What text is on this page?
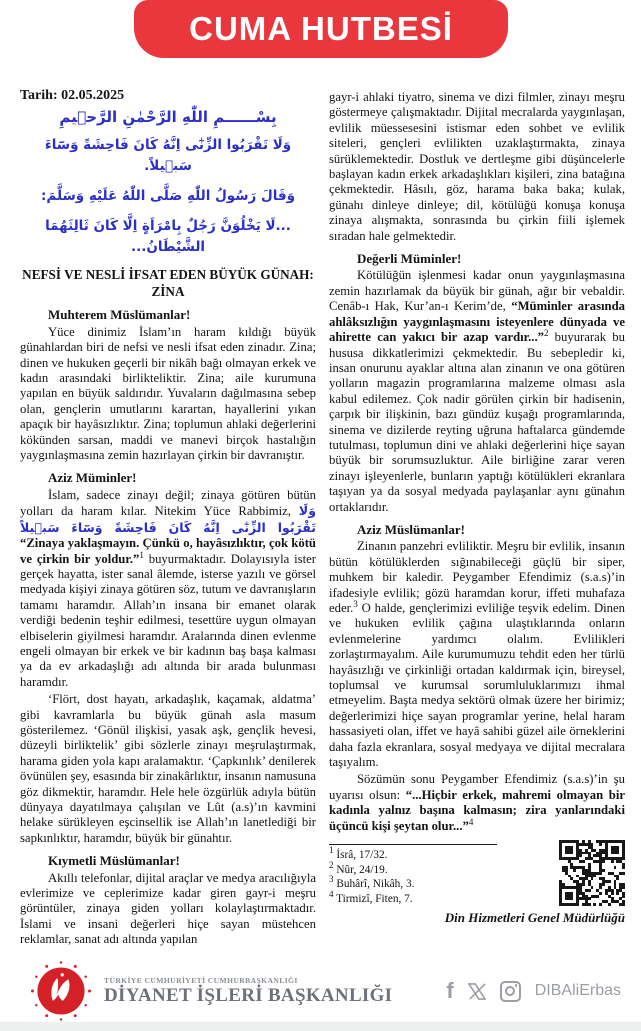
CUMA HUTBESİ
Tarih: 02.05.2025
بِسْــــــمِ اللّٰهِ الرَّحْمٰنِ الرَّح۪يمِ
وَلَا تَقْرَبُوا الزِّنٰٓى اِنَّهُ كَانَ فَاحِشَةً وَسَٓاءَ سَب۪يلاً.
وَقَالَ رَسُولُ اللّٰهِ صَلَّى اللّٰهُ عَلَيْهِ وَسَلَّمَ:
...لَا يَخْلُوَنَّ رَجُلٌ بِامْرَاَةٍ اِلَّا كَانَ ثَالِثَهُمَا الشَّيْطَانُ...
NEFSİ VE NESLİ İFSAT EDEN BÜYÜK GÜNAH:
ZİNA
Muhterem Müslümanlar!

Yüce dinimiz İslam’ın haram kıldığı büyük günahlardan biri de nefsi ve nesli ifsat eden zinadır. Zina; dinen ve hukuken geçerli bir nikâh bağı olmayan erkek ve kadın arasındaki birlikteliktir. Zina; aile kurumuna yapılan en büyük saldırıdır. Yuvaların dağılmasına sebep olan, gençlerin umutlarını karartan, hayallerini yıkan apaçık bir hayâsızlıktır. Zina; toplumun ahlaki değerlerini kökünden sarsan, maddi ve manevi birçok hastalığın yaygınlaşmasına zemin hazırlayan çirkin bir davranıştır.

Aziz Müminler!

İslam, sadece zinayı değil; zinaya götüren bütün yolları da haram kılar. Nitekim Yüce Rabbimiz, وَلَا تَقْرَبُوا الزِّنٰٓى اِنَّهُ كَانَ فَاحِشَةً وَسَٓاءَ سَب۪يلاً “Zinaya yaklaşmayın. Çünkü o, hayâsızlıktır, çok kötü ve çirkin bir yoldur.”$^1$ buyurmaktadır. Dolayısıyla ister gerçek hayatta, ister sanal âlemde, isterse yazılı ve görsel medyada kişiyi zinaya götüren söz, tutum ve davranışların tamamı haramdır. Allah’ın insana bir emanet olarak verdiği bedenin teşhir edilmesi, tesettüre uygun olmayan elbiselerin giyilmesi haramdır. Aralarında dinen evlenme engeli olmayan bir erkek ve bir kadının baş başa kalması ya da ev arkadaşlığı adı altında bir arada bulunması haramdır.

‘Flört, dost hayatı, arkadaşlık, kaçamak, aldatma’ gibi kavramlarla bu büyük günah asla masum gösterilemez. ‘Gönül ilişkisi, yasak aşk, gençlik hevesi, düzeyli birliktelik’ gibi sözlerle zinayı meşrulaştırmak, harama giden yola kapı aralamaktır. ‘Çapkınlık’ denilerek övünülen şey, esasında bir zinakârlıktır, insanın namusuna göz dikmektir, haramdır. Hele hele özgürlük adıyla bütün dünyaya dayatılmaya çalışılan ve Lût (a.s)’ın kavmini helake sürükleyen eşcinsellik ise Allah’ın lanetlediği bir sapkınlıktır, haramdır, büyük bir günahtır.

Kıymetli Müslümanlar!

Akıllı telefonlar, dijital araçlar ve medya aracılığıyla evlerimize ve ceplerimize kadar giren gayr-i meşru görüntüler, zinaya giden yolları kolaylaştırmaktadır. İslami ve insani değerleri hiçe sayan müstehcen reklamlar, sanat adı altında yapılan

gayr-i ahlaki tiyatro, sinema ve dizi filmler, zinayı meşru göstermeye çalışmaktadır. Dijital mecralarda yaygınlaşan, evlilik müessesesini istismar eden sohbet ve evlilik siteleri, gençleri evlilikten uzaklaştırmakta, zinaya sürüklemektedir. Dostluk ve dertleşme gibi düşüncelerle başlayan kadın erkek arkadaşlıkları kişileri, zina batağına çekmektedir. Hâsılı, göz, harama baka baka; kulak, günahı dinleye dinleye; dil, kötülüğü konuşa konuşa zinaya alışmakta, sonrasında bu çirkin fiili işlemek sıradan hale gelmektedir.

Değerli Müminler!

Kötülüğün işlenmesi kadar onun yaygınlaşmasına zemin hazırlamak da büyük bir günah, ağır bir vebaldir. Cenâb-ı Hak, Kur’an-ı Kerim’de, “Müminler arasında ahlâksızlığın yaygınlaşmasını isteyenlere dünyada ve ahirette can yakıcı bir azap vardır...”$^2$ buyurarak bu hususa dikkatlerimizi çekmektedir. Bu sebepledir ki, insan onurunu ayaklar altına alan zinanın ve ona götüren yolların magazin programlarına malzeme olması asla kabul edilemez. Çok nadir görülen çirkin bir hadisenin, çarpık bir ilişkinin, bazı gündüz kuşağı programlarında, sinema ve dizilerde reyting uğruna haftalarca gündemde tutulması, toplumun dini ve ahlaki değerlerini hiçe sayan büyük bir sorumsuzluktur. Aile birliğine zarar veren zinayı işleyenlerle, bunların yaptığı kötülükleri ekranlara taşıyan ya da sosyal medyada paylaşanlar aynı günahın ortaklarıdır.

Aziz Müslümanlar!

Zinanın panzehri evliliktir. Meşru bir evlilik, insanın bütün kötülüklerden sığınabileceği güçlü bir siper, muhkem bir kaledir. Peygamber Efendimiz (s.a.s)’in ifadesiyle evlilik; gözü haramdan korur, iffeti muhafaza eder.$^3$ O halde, gençlerimizi evliliğe teşvik edelim. Dinen ve hukuken evlilik çağına ulaştıklarında onların evlenmelerine yardımcı olalım. Evlilikleri zorlaştırmayalım. Aile kurumumuzu tehdit eden her türlü hayâsızlığı ve çirkinliği ortadan kaldırmak için, bireysel, toplumsal ve kurumsal sorumluluklarımızı ihmal etmeyelim. Başta medya sektörü olmak üzere her birimiz; değerlerimizi hiçe sayan programlar yerine, helal haram hassasiyeti olan, iffet ve hayâ sahibi güzel aile örneklerini daha fazla ekranlara, sosyal medyaya ve dijital mecralara taşıyalım.

Sözümün sonu Peygamber Efendimiz (s.a.s)’in şu uyarısı olsun: “...Hiçbir erkek, mahremi olmayan bir kadınla yalnız başına kalmasın; zira yanlarındaki üçüncü kişi şeytan olur...”$^4$

$^1$ İsrâ, 17/32.
$^2$ Nûr, 24/19.
$^3$ Buhârî, Nikâh, 3.
$^4$ Tirmizî, Fiten, 7.
Din Hizmetleri Genel Müdürlüğü
TÜRKİYE CUMHURİYETİ CUMHURBAŞKANLIĞI
DİYANET İŞLERİ BAŞKANLIĞI f	DIBAliErbas
